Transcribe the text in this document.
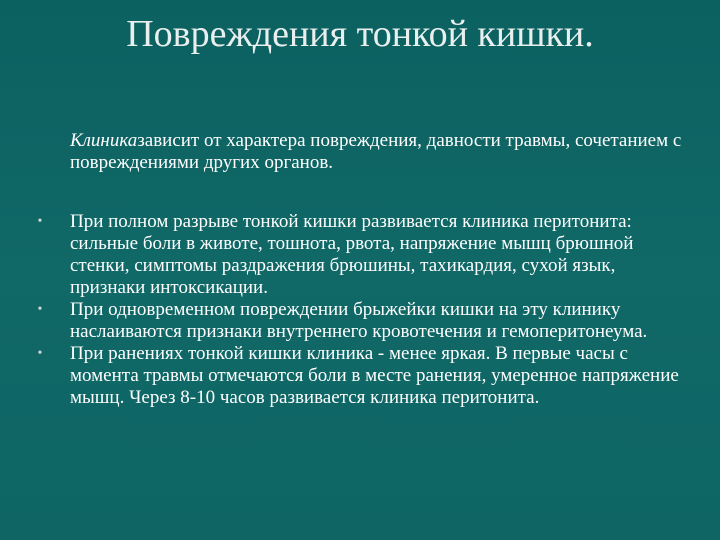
Повреждения тонкой кишки.

Клиниказависит от характера повреждения, давности травмы, сочетанием с повреждениями других органов.

•	При полном разрыве тонкой кишки развивается клиника перитонита: сильные боли в животе, тошнота, рвота, напряжение мышц брюшной стенки, симптомы раздражения брюшины, тахикардия, сухой язык, признаки интоксикации.
•	При одновременном повреждении брыжейки кишки на эту клинику наслаиваются признаки внутреннего кровотечения и гемоперитонеума.
•	При ранениях тонкой кишки клиника - менее яркая. В первые часы с момента травмы отмечаются боли в месте ранения, умеренное напряжение мышц. Через 8-10 часов развивается клиника перитонита.
